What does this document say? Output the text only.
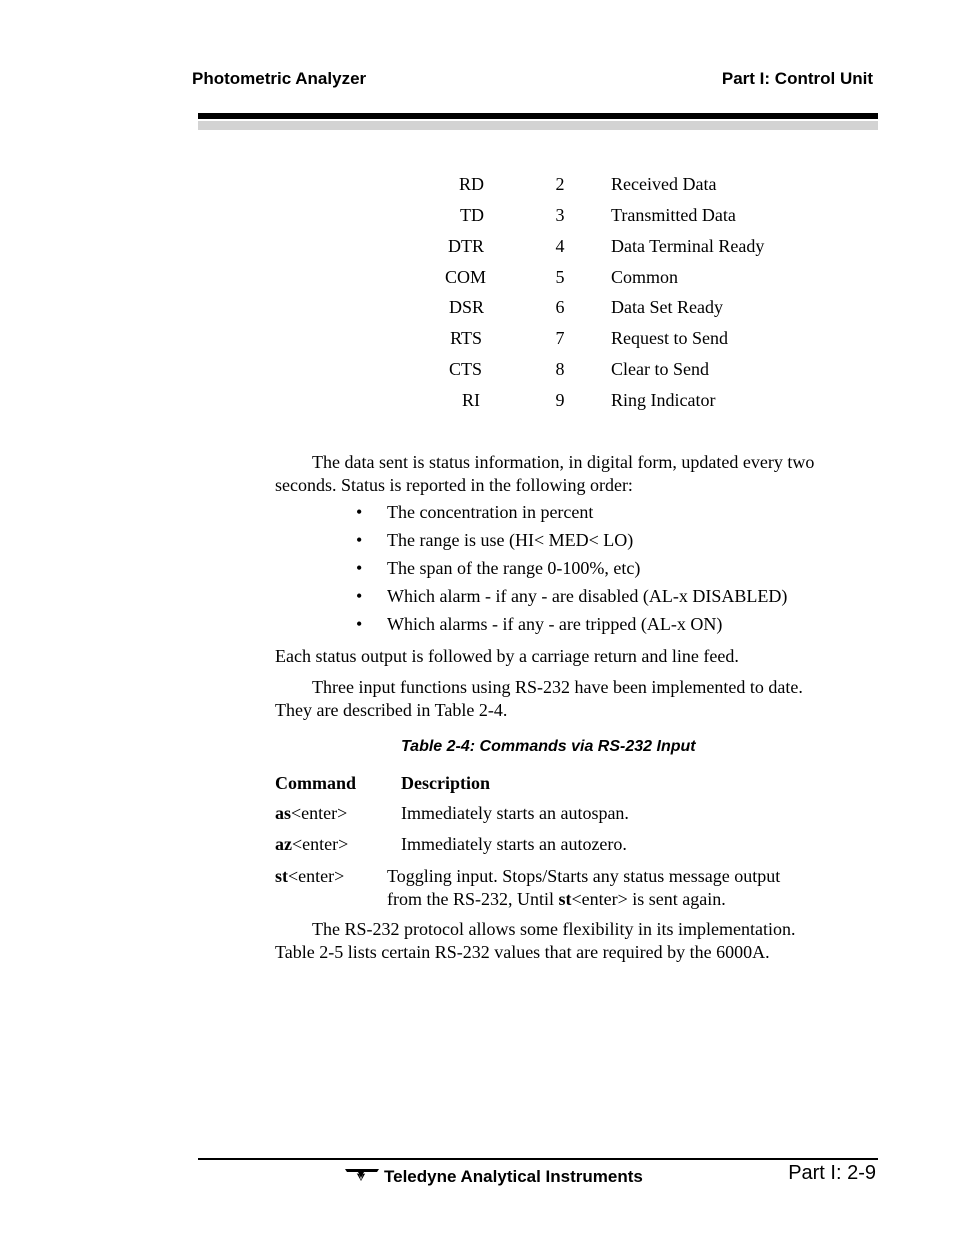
Photometric Analyzer	Part I: Control Unit
RD	2	Received Data
TD	3	Transmitted Data
DTR	4	Data Terminal Ready
COM	5	Common
DSR	6	Data Set Ready
RTS	7	Request to Send
CTS	8	Clear to Send
RI	9	Ring Indicator
The data sent is status information, in digital form, updated every two seconds. Status is reported in the following order:
• The concentration in percent
• The range is use (HI< MED< LO)
• The span of the range 0-100%, etc)
• Which alarm - if any - are disabled (AL-x DISABLED)
• Which alarms - if any - are tripped (AL-x ON)
Each status output is followed by a carriage return and line feed.
Three input functions using RS-232 have been implemented to date. They are described in Table 2-4.
Table 2-4: Commands via RS-232 Input
Command Description
as<enter>	Immediately starts an autospan.
az<enter>	Immediately starts an autozero.
st<enter> Toggling input. Stops/Starts any status message output
from the RS-232, Until st<enter> is sent again.
The RS-232 protocol allows some flexibility in its implementation. Table 2-5 lists certain RS-232 values that are required by the 6000A.
Teledyne Analytical Instruments	Part I: 2-9
